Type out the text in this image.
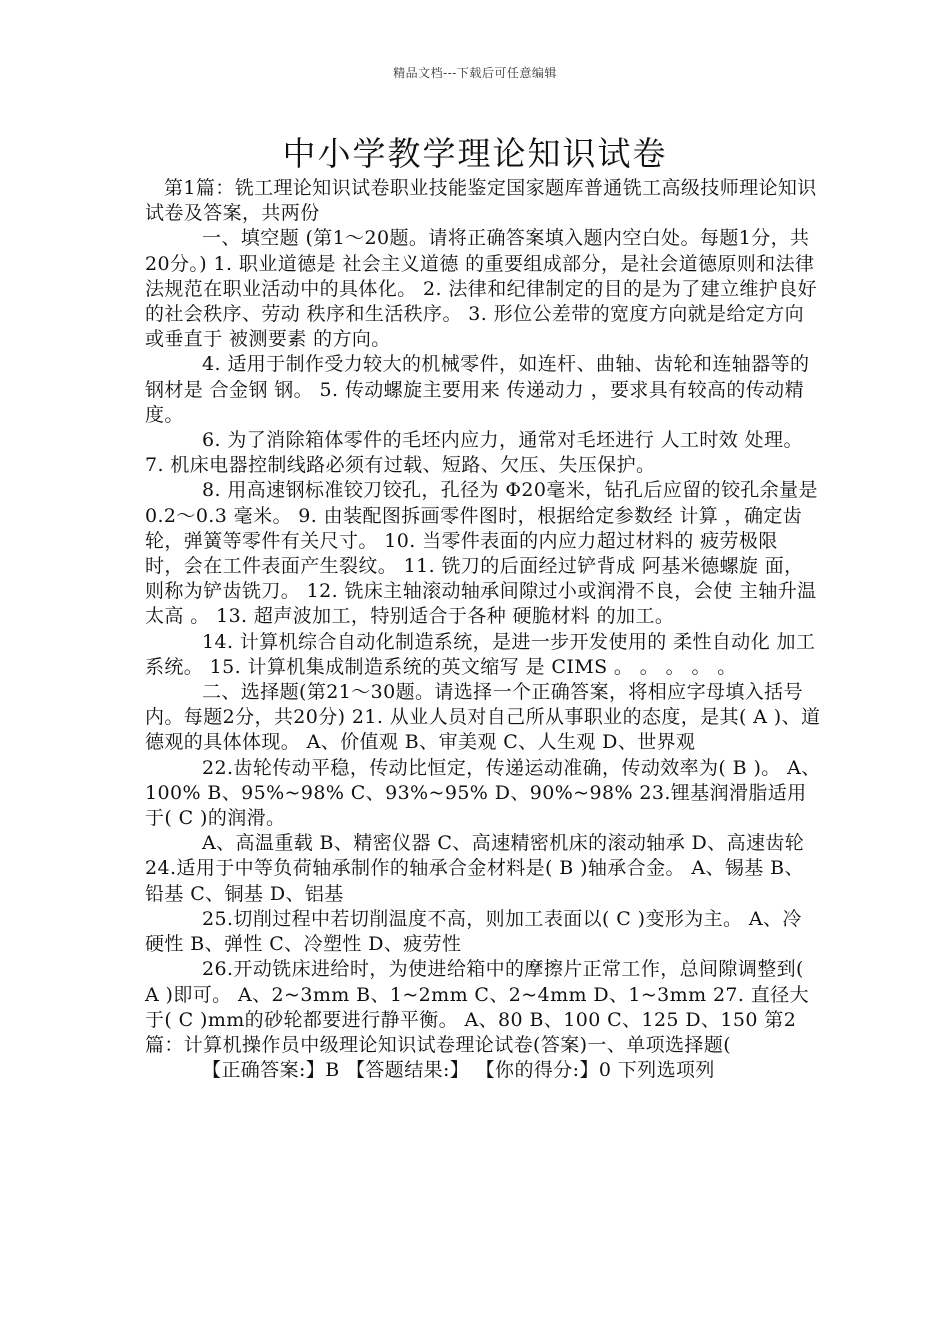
精品文档---下载后可任意编辑
中小学教学理论知识试卷

第1篇：铣工理论知识试卷职业技能鉴定国家题库普通铣工高级技师理论知识试卷及答案，共两份

一、填空题 (第1～20题。请将正确答案填入题内空白处。每题1分，共20分。) 1. 职业道德是 社会主义道德 的重要组成部分，是社会道德原则和法律法规范在职业活动中的具体化。 2. 法律和纪律制定的目的是为了建立维护良好的社会秩序、劳动 秩序和生活秩序。 3. 形位公差带的宽度方向就是给定方向或垂直于 被测要素 的方向。

4. 适用于制作受力较大的机械零件，如连杆、曲轴、齿轮和连轴器等的钢材是 合金钢 钢。 5. 传动螺旋主要用来 传递动力 ，要求具有较高的传动精度。

6. 为了消除箱体零件的毛坯内应力，通常对毛坯进行 人工时效 处理。 7. 机床电器控制线路必须有过载、短路、欠压、失压保护。

8. 用高速钢标准铰刀铰孔，孔径为 Φ20毫米，钻孔后应留的铰孔余量是 0.2～0.3 毫米。 9. 由装配图拆画零件图时，根据给定参数经 计算 ，确定齿轮，弹簧等零件有关尺寸。 10. 当零件表面的内应力超过材料的 疲劳极限 时，会在工件表面产生裂纹。 11. 铣刀的后面经过铲背成 阿基米德螺旋 面，则称为铲齿铣刀。 12. 铣床主轴滚动轴承间隙过小或润滑不良，会使 主轴升温太高 。 13. 超声波加工，特别适合于各种 硬脆材料 的加工。

14. 计算机综合自动化制造系统，是进一步开发使用的 柔性自动化 加工系统。 15. 计算机集成制造系统的英文缩写 是 CIMS 。 。 。 。 。

二、选择题(第21～30题。请选择一个正确答案，将相应字母填入括号内。每题2分，共20分) 21. 从业人员对自己所从事职业的态度，是其( A )、道德观的具体体现。 A、价值观 B、审美观 C、人生观 D、世界观

22.齿轮传动平稳，传动比恒定，传递运动准确，传动效率为( B )。 A、100% B、95%~98% C、93%~95% D、90%~98% 23.锂基润滑脂适用于( C )的润滑。

A、高温重载 B、精密仪器 C、高速精密机床的滚动轴承 D、高速齿轮 24.适用于中等负荷轴承制作的轴承合金材料是( B )轴承合金。 A、锡基 B、铅基 C、铜基 D、铝基

25.切削过程中若切削温度不高，则加工表面以( C )变形为主。 A、冷硬性 B、弹性 C、冷塑性 D、疲劳性

26.开动铣床进给时，为使进给箱中的摩擦片正常工作，总间隙调整到( A )即可。 A、2~3mm B、1~2mm C、2~4mm D、1~3mm 27. 直径大于( C )mm的砂轮都要进行静平衡。 A、80 B、100 C、125 D、150 第2篇：计算机操作员中级理论知识试卷理论试卷(答案)一、单项选择题(

【正确答案:】B 【答题结果:】 【你的得分:】0 下列选项列
